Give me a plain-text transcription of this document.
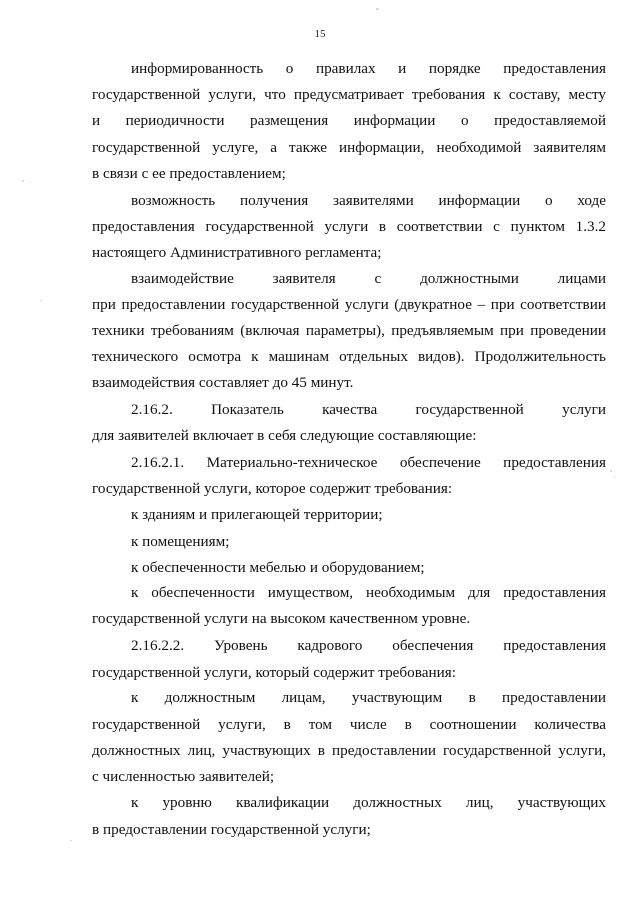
15
информированность о правилах и порядке предоставления
государственной услуги, что предусматривает требования к составу, месту
и периодичности размещения информации о предоставляемой
государственной услуге, а также информации, необходимой заявителям
в связи с ее предоставлением;
возможность получения заявителями информации о ходе
предоставления государственной услуги в соответствии с пунктом 1.3.2
настоящего Административного регламента;
взаимодействие заявителя с должностными лицами
при предоставлении государственной услуги (двукратное – при соответствии
техники требованиям (включая параметры), предъявляемым при проведении
технического осмотра к машинам отдельных видов). Продолжительность
взаимодействия составляет до 45 минут.
2.16.2. Показатель качества государственной услуги
для заявителей включает в себя следующие составляющие:
2.16.2.1. Материально-техническое обеспечение предоставления
государственной услуги, которое содержит требования:
к зданиям и прилегающей территории;
к помещениям;
к обеспеченности мебелью и оборудованием;
к обеспеченности имуществом, необходимым для предоставления
государственной услуги на высоком качественном уровне.
2.16.2.2. Уровень кадрового обеспечения предоставления
государственной услуги, который содержит требования:
к должностным лицам, участвующим в предоставлении
государственной услуги, в том числе в соотношении количества
должностных лиц, участвующих в предоставлении государственной услуги,
с численностью заявителей;
к уровню квалификации должностных лиц, участвующих
в предоставлении государственной услуги;
